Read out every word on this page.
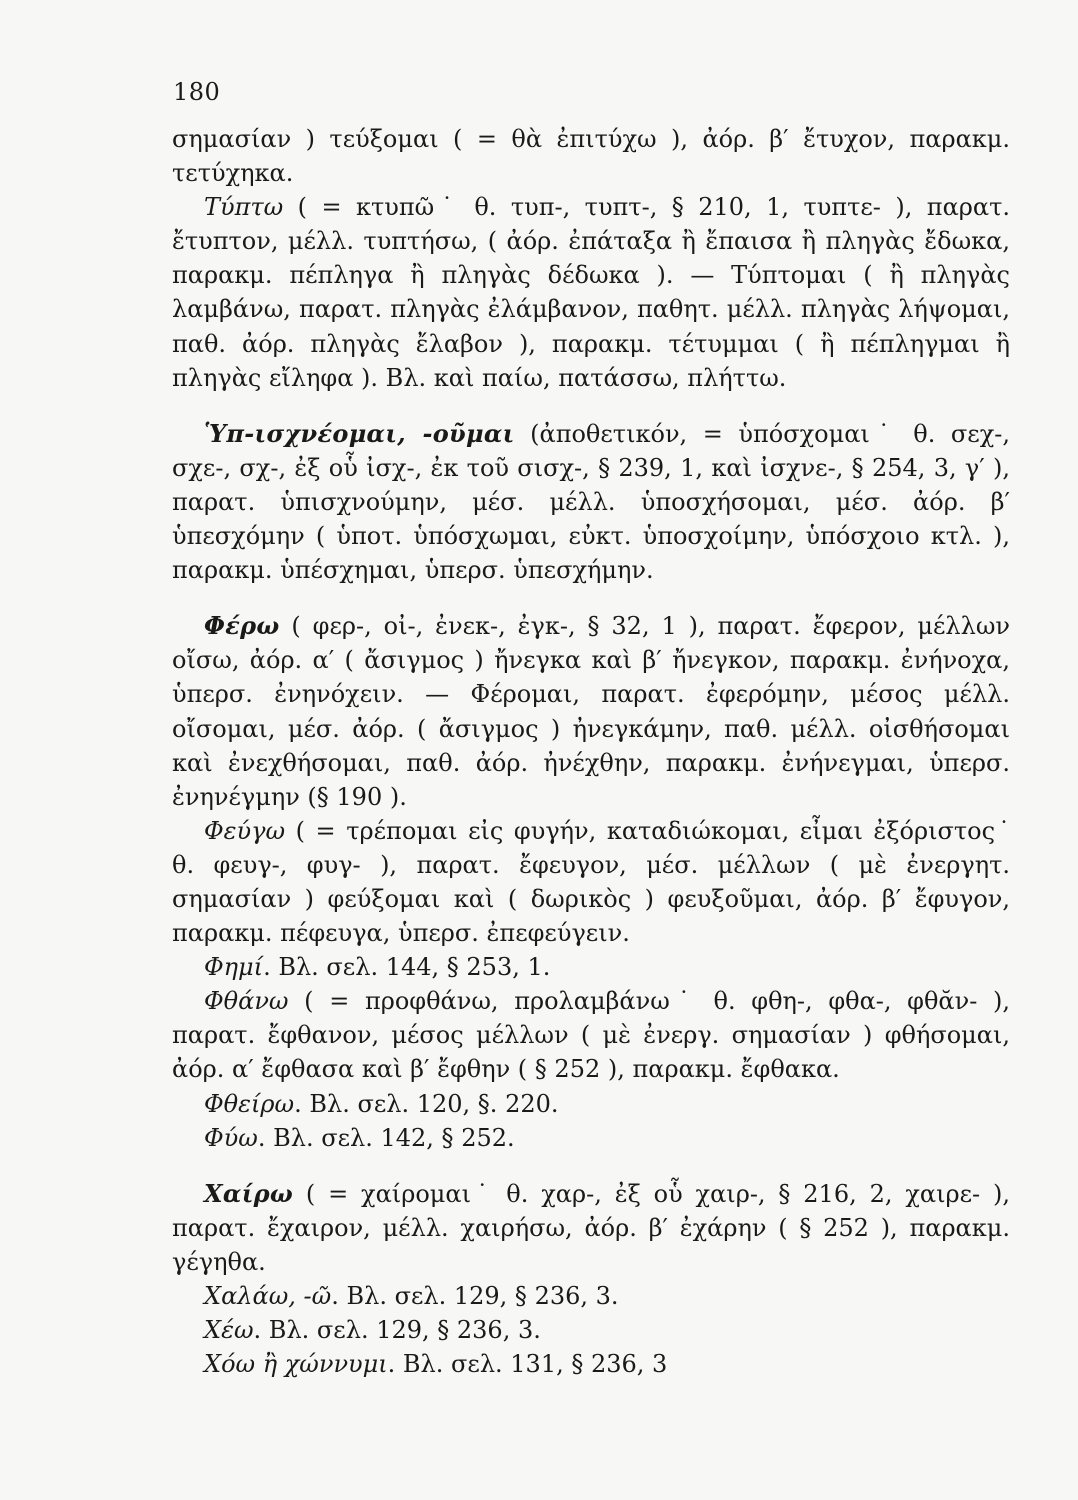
180

σημασίαν ) τεύξομαι ( = θὰ ἐπιτύχω ), ἀόρ. β′ ἔτυχον, παρακμ. τετύχηκα.

Τύπτω ( = κτυπῶ˙ θ. τυπ-, τυπτ-, § 210, 1, τυπτε- ), παρατ. ἔτυπτον, μέλλ. τυπτήσω, ( ἀόρ. ἐπάταξα ἢ ἔπαισα ἢ πληγὰς ἔδωκα, παρακμ. πέπληγα ἢ πληγὰς δέδωκα ). — Τύπτομαι ( ἢ πληγὰς λαμβάνω, παρατ. πληγὰς ἐλάμβανον, παθητ. μέλλ. πληγὰς λήψομαι, παθ. ἀόρ. πληγὰς ἔλαβον ), παρακμ. τέτυμμαι ( ἢ πέπληγμαι ἢ πληγὰς εἴληφα ). Βλ. καὶ παίω, πατάσσω, πλήττω.

Ὑπ-ισχνέομαι, -οῦμαι (ἀποθετικόν, = ὑπόσχομαι˙ θ. σεχ-, σχε-, σχ-, ἐξ οὗ ἰσχ-, ἐκ τοῦ σισχ-, § 239, 1, καὶ ἰσχνε-, § 254, 3, γ′ ), παρατ. ὑπισχνούμην, μέσ. μέλλ. ὑποσχήσομαι, μέσ. ἀόρ. β′ ὑπεσχόμην ( ὑποτ. ὑπόσχωμαι, εὐκτ. ὑποσχοίμην, ὑπόσχοιο κτλ. ), παρακμ. ὑπέσχημαι, ὑπερσ. ὑπεσχήμην.

Φέρω ( φερ-, οἰ-, ἐνεκ-, ἐγκ-, § 32, 1 ), παρατ. ἔφερον, μέλλων οἴσω, ἀόρ. α′ ( ἄσιγμος ) ἤνεγκα καὶ β′ ἤνεγκον, παρακμ. ἐνήνοχα, ὑπερσ. ἐνηνόχειν. — Φέρομαι, παρατ. ἐφερόμην, μέσος μέλλ. οἴσομαι, μέσ. ἀόρ. ( ἄσιγμος ) ἠνεγκάμην, παθ. μέλλ. οἰσθήσομαι καὶ ἐνεχθήσομαι, παθ. ἀόρ. ἠνέχθην, παρακμ. ἐνήνεγμαι, ὑπερσ. ἐνηνέγμην (§ 190 ).

Φεύγω ( = τρέπομαι εἰς φυγήν, καταδιώκομαι, εἶμαι ἐξόριστος˙ θ. φευγ-, φυγ- ), παρατ. ἔφευγον, μέσ. μέλλων ( μὲ ἐνεργητ. σημασίαν ) φεύξομαι καὶ ( δωρικὸς ) φευξοῦμαι, ἀόρ. β′ ἔφυγον, παρακμ. πέφευγα, ὑπερσ. ἐπεφεύγειν.

Φημί. Βλ. σελ. 144, § 253, 1.

Φθάνω ( = προφθάνω, προλαμβάνω˙ θ. φθη-, φθα-, φθᾰν- ), παρατ. ἔφθανον, μέσος μέλλων ( μὲ ἐνεργ. σημασίαν ) φθήσομαι, ἀόρ. α′ ἔφθασα καὶ β′ ἔφθην ( § 252 ), παρακμ. ἔφθακα.

Φθείρω. Βλ. σελ. 120, §. 220.

Φύω. Βλ. σελ. 142, § 252.

Χαίρω ( = χαίρομαι˙ θ. χαρ-, ἐξ οὗ χαιρ-, § 216, 2, χαιρε- ), παρατ. ἔχαιρον, μέλλ. χαιρήσω, ἀόρ. β′ ἐχάρην ( § 252 ), παρακμ. γέγηθα.

Χαλάω, -ῶ. Βλ. σελ. 129, § 236, 3.

Χέω. Βλ. σελ. 129, § 236, 3.

Χόω ἢ χώννυμι. Βλ. σελ. 131, § 236, 3
